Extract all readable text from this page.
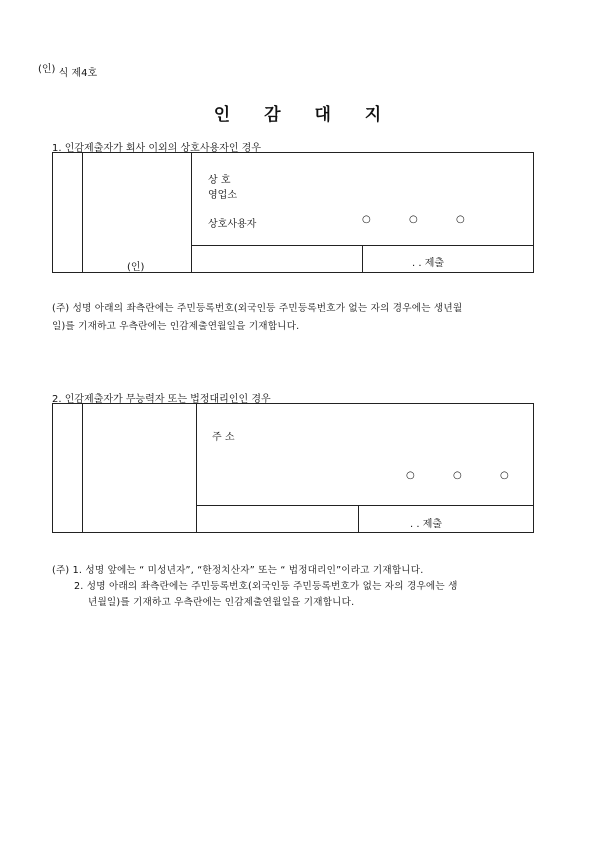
(인) 식 제4호
인 감 대 지
1. 인감제출자가 회사 이외의 상호사용자인 경우
상 호
영업소
상호사용자	○	○	○
(인)	. . 제출
(주) 성명 아래의 좌측란에는 주민등록번호(외국인등 주민등록번호가 없는 자의 경우에는 생년월
일)를 기재하고 우측란에는 인감제출연월일을 기재합니다.
2. 인감제출자가 무능력자 또는 법정대리인인 경우
주 소
○	○	○
. . 제출
(주) 1. 성명 앞에는 “ 미성년자”, “한정치산자” 또는 “ 법정대리인”이라고 기재합니다.
2. 성명 아래의 좌측란에는 주민등록번호(외국인등 주민등록번호가 없는 자의 경우에는 생
년월일)를 기재하고 우측란에는 인감제출연월일을 기재합니다.
